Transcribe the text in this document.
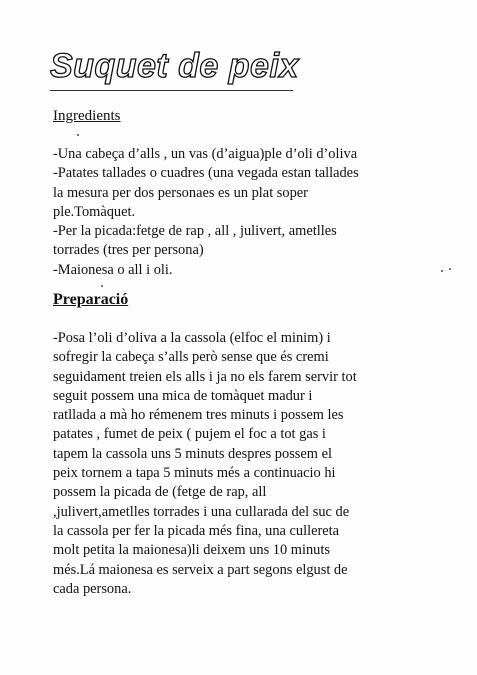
Suquet de peix
Ingredients
-Una cabeça d’alls , un vas (d’aigua)ple d’oli d’oliva
-Patates tallades o cuadres (una vegada estan tallades
la mesura per dos personaes es un plat soper
ple.Tomàquet.
-Per la picada:fetge de rap , all , julivert, ametlles
torrades (tres per persona)
-Maionesa o all i oli.
Preparació
-Posa l’oli d’oliva a la cassola (elfoc el minim) i
sofregir la cabeça s’alls però sense que és cremi
seguidament treien els alls i ja no els farem servir tot
seguit possem una mica de tomàquet madur i
ratllada a mà ho rémenem tres minuts i possem les
patates , fumet de peix ( pujem el foc a tot gas i
tapem la cassola uns 5 minuts despres possem el
peix tornem a tapa 5 minuts més a continuacio hi
possem la picada de (fetge de rap, all
,julivert,ametlles torrades i una cullarada del suc de
la cassola per fer la picada més fina, una cullereta
molt petita la maionesa)li deixem uns 10 minuts
més.Lá maionesa es serveix a part segons elgust de
cada persona.
